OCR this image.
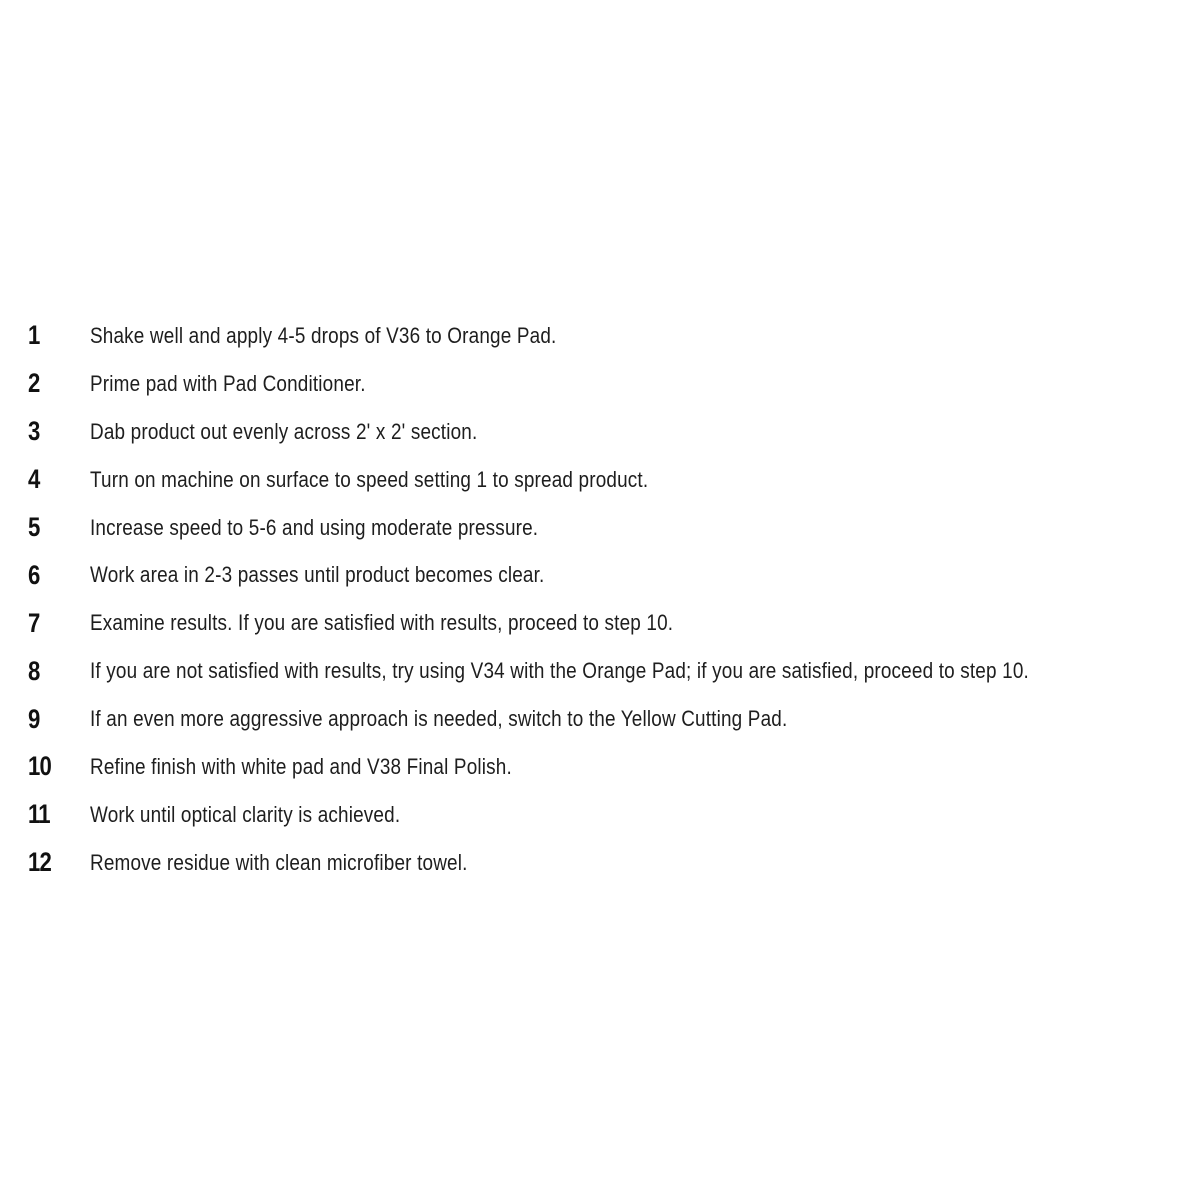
1	Shake well and apply 4-5 drops of V36 to Orange Pad.
2	Prime pad with Pad Conditioner.
3	Dab product out evenly across 2' x 2' section.
4	Turn on machine on surface to speed setting 1 to spread product.
5	Increase speed to 5-6 and using moderate pressure.
6	Work area in 2-3 passes until product becomes clear.
7	Examine results. If you are satisfied with results, proceed to step 10.
8	If you are not satisfied with results, try using V34 with the Orange Pad; if you are satisfied, proceed to step 10.
9	If an even more aggressive approach is needed, switch to the Yellow Cutting Pad.
10	Refine finish with white pad and V38 Final Polish.
11	Work until optical clarity is achieved.
12	Remove residue with clean microfiber towel.
